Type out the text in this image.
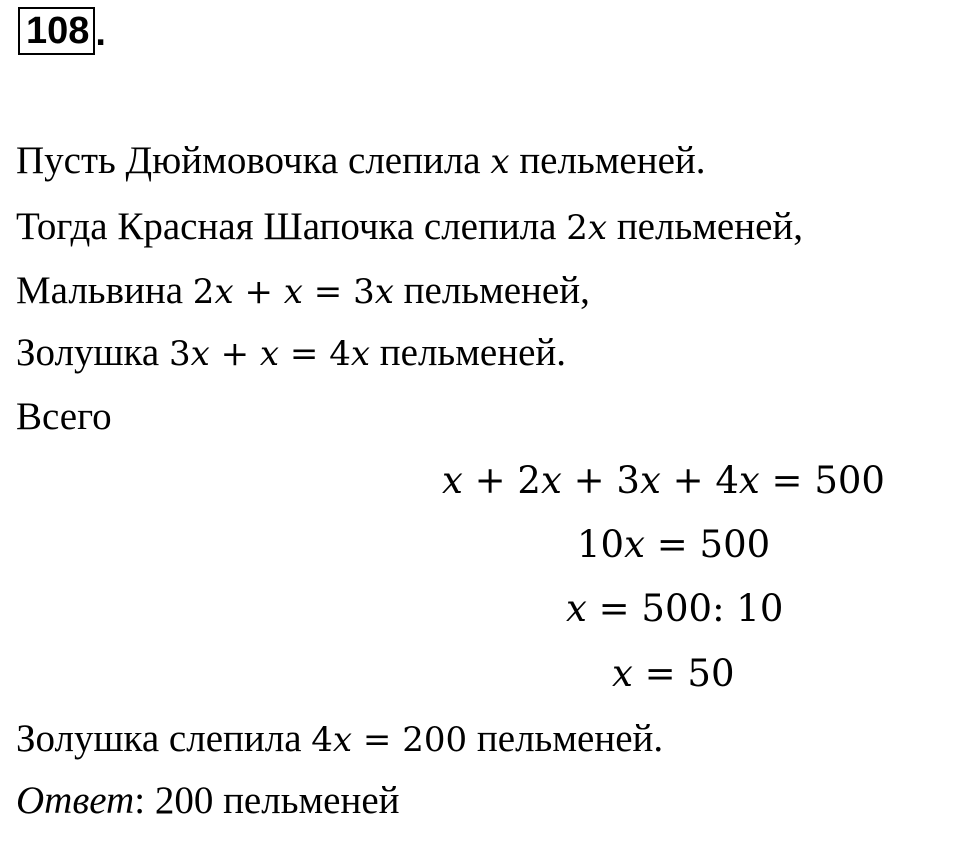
108 .
Пусть Дюймовочка слепила x пельменей.
Тогда Красная Шапочка слепила 2x пельменей,
Мальвина 2x + x = 3x пельменей,
Золушка 3x + x = 4x пельменей.
Всего
x + 2x + 3x + 4x = 500
10x = 500
x = 500: 10
x = 50
Золушка слепила 4x = 200 пельменей.
Ответ: 200 пельменей
